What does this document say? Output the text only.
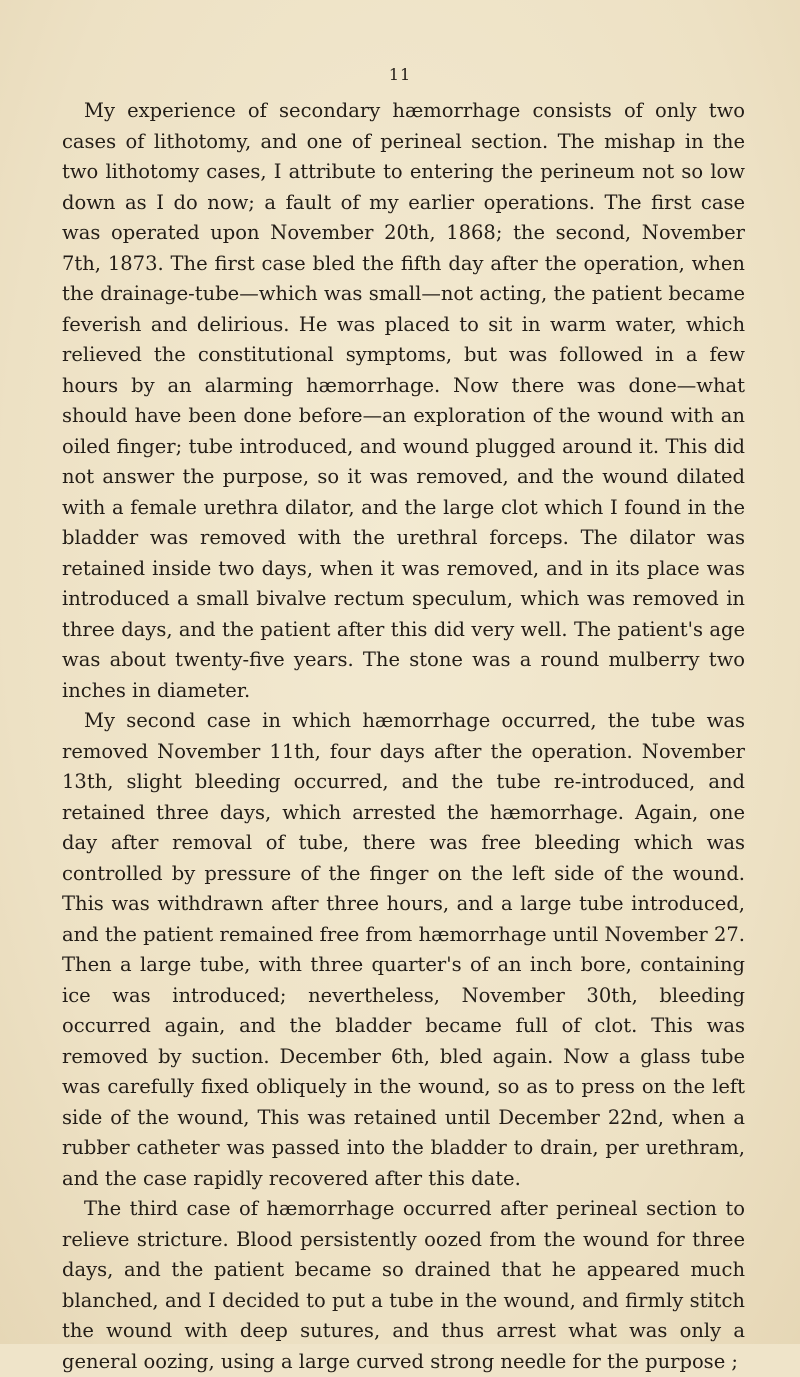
11

My experience of secondary hæmorrhage consists of only two cases of lithotomy, and one of perineal section. The mishap in the two lithotomy cases, I attribute to entering the perineum not so low down as I do now; a fault of my earlier operations. The first case was operated upon November 20th, 1868; the second, November 7th, 1873. The first case bled the fifth day after the operation, when the drainage-tube—which was small—not acting, the patient became feverish and delirious. He was placed to sit in warm water, which relieved the constitutional symptoms, but was followed in a few hours by an alarming hæmorrhage. Now there was done—what should have been done before—an exploration of the wound with an oiled finger; tube introduced, and wound plugged around it. This did not answer the purpose, so it was removed, and the wound dilated with a female urethra dilator, and the large clot which I found in the bladder was removed with the urethral forceps. The dilator was retained inside two days, when it was removed, and in its place was introduced a small bivalve rectum speculum, which was removed in three days, and the patient after this did very well. The patient's age was about twenty-five years. The stone was a round mulberry two inches in diameter.

My second case in which hæmorrhage occurred, the tube was removed November 11th, four days after the operation. November 13th, slight bleeding occurred, and the tube re-introduced, and retained three days, which arrested the hæmorrhage. Again, one day after removal of tube, there was free bleeding which was controlled by pressure of the finger on the left side of the wound. This was withdrawn after three hours, and a large tube introduced, and the patient remained free from hæmorrhage until November 27. Then a large tube, with three quarter's of an inch bore, containing ice was introduced; nevertheless, November 30th, bleeding occurred again, and the bladder became full of clot. This was removed by suction. December 6th, bled again. Now a glass tube was carefully fixed obliquely in the wound, so as to press on the left side of the wound, This was retained until December 22nd, when a rubber catheter was passed into the bladder to drain, per urethram, and the case rapidly recovered after this date.

The third case of hæmorrhage occurred after perineal section to relieve stricture. Blood persistently oozed from the wound for three days, and the patient became so drained that he appeared much blanched, and I decided to put a tube in the wound, and firmly stitch the wound with deep sutures, and thus arrest what was only a general oozing, using a large curved strong needle for the purpose ;
